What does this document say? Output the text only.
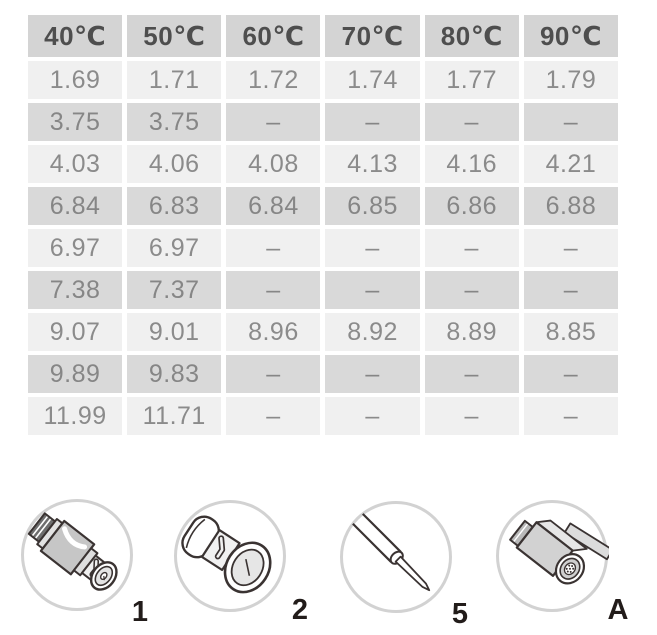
40℃	50℃	60℃	70℃	80℃	90℃
1.69	1.71	1.72	1.74	1.77	1.79
3.75	3.75	–	–	–	–
4.03	4.06	4.08	4.13	4.16	4.21
6.84	6.83	6.84	6.85	6.86	6.88
6.97	6.97	–	–	–	–
7.38	7.37	–	–	–	–
9.07	9.01	8.96	8.92	8.89	8.85
9.89	9.83	–	–	–	–
11.99	11.71	–	–	–	–
1	2	5	A
